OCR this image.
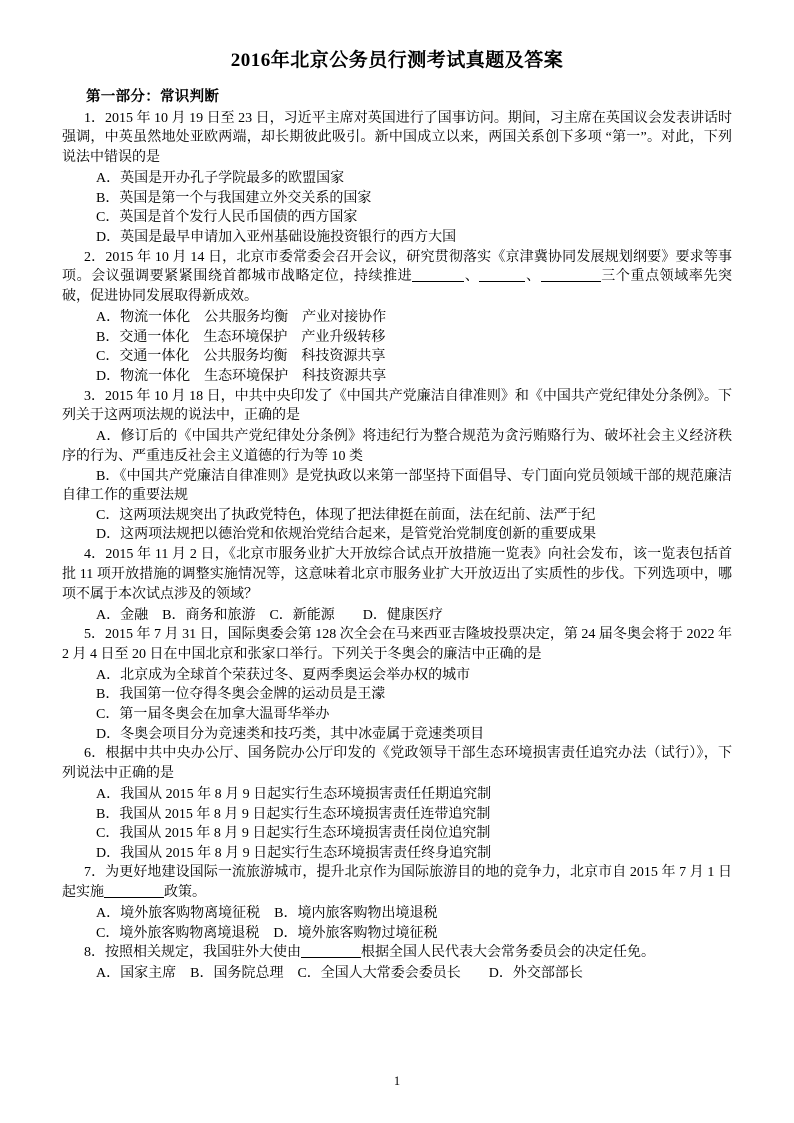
2016年北京公务员行测考试真题及答案
第一部分：常识判断

1．2015 年 10 月 19 日至 23 日，习近平主席对英国进行了国事访问。期间，习主席在英国议会发表讲话时强调，中英虽然地处亚欧两端，却长期彼此吸引。新中国成立以来，两国关系创下多项 “第一”。对此，下列说法中错误的是

A．英国是开办孔子学院最多的欧盟国家

B．英国是第一个与我国建立外交关系的国家

C．英国是首个发行人民币国债的西方国家

D．英国是最早申请加入亚州基础设施投资银行的西方大国

2．2015 年 10 月 14 日，北京市委常委会召开会议，研究贯彻落实《京津冀协同发展规划纲要》要求等事项。会议强调要紧紧围绕首都城市战略定位，持续推进	、	、	三个重点领域率先突破，促进协同发展取得新成效。

A．物流一体化　公共服务均衡　产业对接协作

B．交通一体化　生态环境保护　产业升级转移

C．交通一体化　公共服务均衡　科技资源共享

D．物流一体化　生态环境保护　科技资源共享

3．2015 年 10 月 18 日，中共中央印发了《中国共产党廉洁自律准则》和《中国共产党纪律处分条例》。下列关于这两项法规的说法中，正确的是

A．修订后的《中国共产党纪律处分条例》将违纪行为整合规范为贪污贿赂行为、破坏社会主义经济秩序的行为、严重违反社会主义道德的行为等 10 类

B．《中国共产党廉洁自律准则》是党执政以来第一部坚持下面倡导、专门面向党员领域干部的规范廉洁自律工作的重要法规

C．这两项法规突出了执政党特色，体现了把法律挺在前面，法在纪前、法严于纪

D．这两项法规把以德治党和依规治党结合起来，是管党治党制度创新的重要成果

4．2015 年 11 月 2 日，《北京市服务业扩大开放综合试点开放措施一览表》向社会发布，该一览表包括首批 11 项开放措施的调整实施情况等，这意味着北京市服务业扩大开放迈出了实质性的步伐。下列选项中，哪项不属于本次试点涉及的领域？

A．金融　B．商务和旅游　C．新能源　　D．健康医疗

5．2015 年 7 月 31 日，国际奥委会第 128 次全会在马来西亚吉隆坡投票决定，第 24 届冬奥会将于 2022 年 2 月 4 日至 20 日在中国北京和张家口举行。下列关于冬奥会的廉洁中正确的是

A．北京成为全球首个荣获过冬、夏两季奥运会举办权的城市

B．我国第一位夺得冬奥会金牌的运动员是王濛

C．第一届冬奥会在加拿大温哥华举办

D．冬奥会项目分为竞速类和技巧类，其中冰壶属于竞速类项目

6．根据中共中央办公厅、国务院办公厅印发的《党政领导干部生态环境损害责任追究办法（试行）》，下列说法中正确的是

A．我国从 2015 年 8 月 9 日起实行生态环境损害责任任期追究制

B．我国从 2015 年 8 月 9 日起实行生态环境损害责任连带追究制

C．我国从 2015 年 8 月 9 日起实行生态环境损害责任岗位追究制

D．我国从 2015 年 8 月 9 日起实行生态环境损害责任终身追究制

7．为更好地建设国际一流旅游城市，提升北京作为国际旅游目的地的竞争力，北京市自 2015 年 7 月 1 日起实施	政策。

A．境外旅客购物离境征税　B．境内旅客购物出境退税

C．境外旅客购物离境退税　D．境外旅客购物过境征税

8．按照相关规定，我国驻外大使由	根据全国人民代表大会常务委员会的决定任免。

A．国家主席　B．国务院总理　C．全国人大常委会委员长　　D．外交部部长

1
